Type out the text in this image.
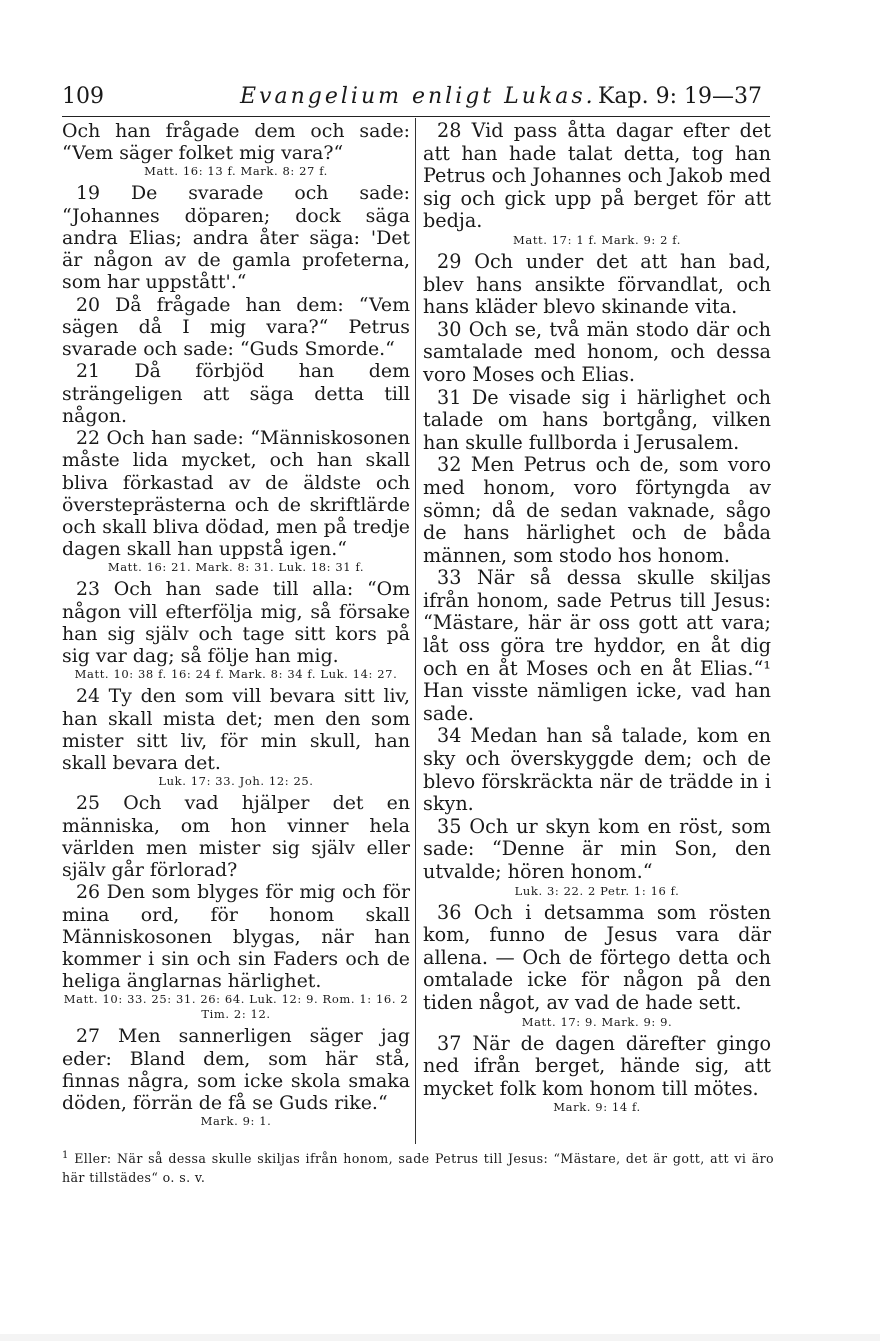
109	Evangelium enligt Lukas. Kap. 9: 19—37

Och han frågade dem och sade: “Vem säger folket mig vara?“

Matt. 16: 13 f. Mark. 8: 27 f.

19 De svarade och sade: “Johannes döparen; dock säga andra Elias; andra åter säga: 'Det är någon av de gamla profeterna, som har uppstått'.“

20 Då frågade han dem: “Vem sägen då I mig vara?“ Petrus svarade och sade: “Guds Smorde.“

21 Då förbjöd han dem strängeligen att säga detta till någon.

22 Och han sade: “Människosonen måste lida mycket, och han skall bliva förkastad av de äldste och översteprästerna och de skriftlärde och skall bliva dödad, men på tredje dagen skall han uppstå igen.“

Matt. 16: 21. Mark. 8: 31. Luk. 18: 31 f.

23 Och han sade till alla: “Om någon vill efterfölja mig, så försake han sig själv och tage sitt kors på sig var dag; så följe han mig.

Matt. 10: 38 f. 16: 24 f. Mark. 8: 34 f. Luk. 14: 27.

24 Ty den som vill bevara sitt liv, han skall mista det; men den som mister sitt liv, för min skull, han skall bevara det.

Luk. 17: 33. Joh. 12: 25.

25 Och vad hjälper det en människa, om hon vinner hela världen men mister sig själv eller själv går förlorad?

26 Den som blyges för mig och för mina ord, för honom skall Människosonen blygas, när han kommer i sin och sin Faders och de heliga änglarnas härlighet.

Matt. 10: 33. 25: 31. 26: 64. Luk. 12: 9. Rom. 1: 16. 2 Tim. 2: 12.

27 Men sannerligen säger jag eder: Bland dem, som här stå, finnas några, som icke skola smaka döden, förrän de få se Guds rike.“

Mark. 9: 1.

28 Vid pass åtta dagar efter det att han hade talat detta, tog han Petrus och Johannes och Jakob med sig och gick upp på berget för att bedja.

Matt. 17: 1 f. Mark. 9: 2 f.

29 Och under det att han bad, blev hans ansikte förvandlat, och hans kläder blevo skinande vita.

30 Och se, två män stodo där och samtalade med honom, och dessa voro Moses och Elias.

31 De visade sig i härlighet och talade om hans bortgång, vilken han skulle fullborda i Jerusalem.

32 Men Petrus och de, som voro med honom, voro förtyngda av sömn; då de sedan vaknade, sågo de hans härlighet och de båda männen, som stodo hos honom.

33 När så dessa skulle skiljas ifrån honom, sade Petrus till Jesus: “Mästare, här är oss gott att vara; låt oss göra tre hyddor, en åt dig och en åt Moses och en åt Elias.“¹ Han visste nämligen icke, vad han sade.

34 Medan han så talade, kom en sky och överskyggde dem; och de blevo förskräckta när de trädde in i skyn.

35 Och ur skyn kom en röst, som sade: “Denne är min Son, den utvalde; hören honom.“

Luk. 3: 22. 2 Petr. 1: 16 f.

36 Och i detsamma som rösten kom, funno de Jesus vara där allena. — Och de förtego detta och omtalade icke för någon på den tiden något, av vad de hade sett.

Matt. 17: 9. Mark. 9: 9.

37 När de dagen därefter gingo ned ifrån berget, hände sig, att mycket folk kom honom till mötes.

Mark. 9: 14 f.

$^1$ Eller: När så dessa skulle skiljas ifrån honom, sade Petrus till Jesus: “Mästare, det är gott, att vi äro här tillstädes“ o. s. v.
